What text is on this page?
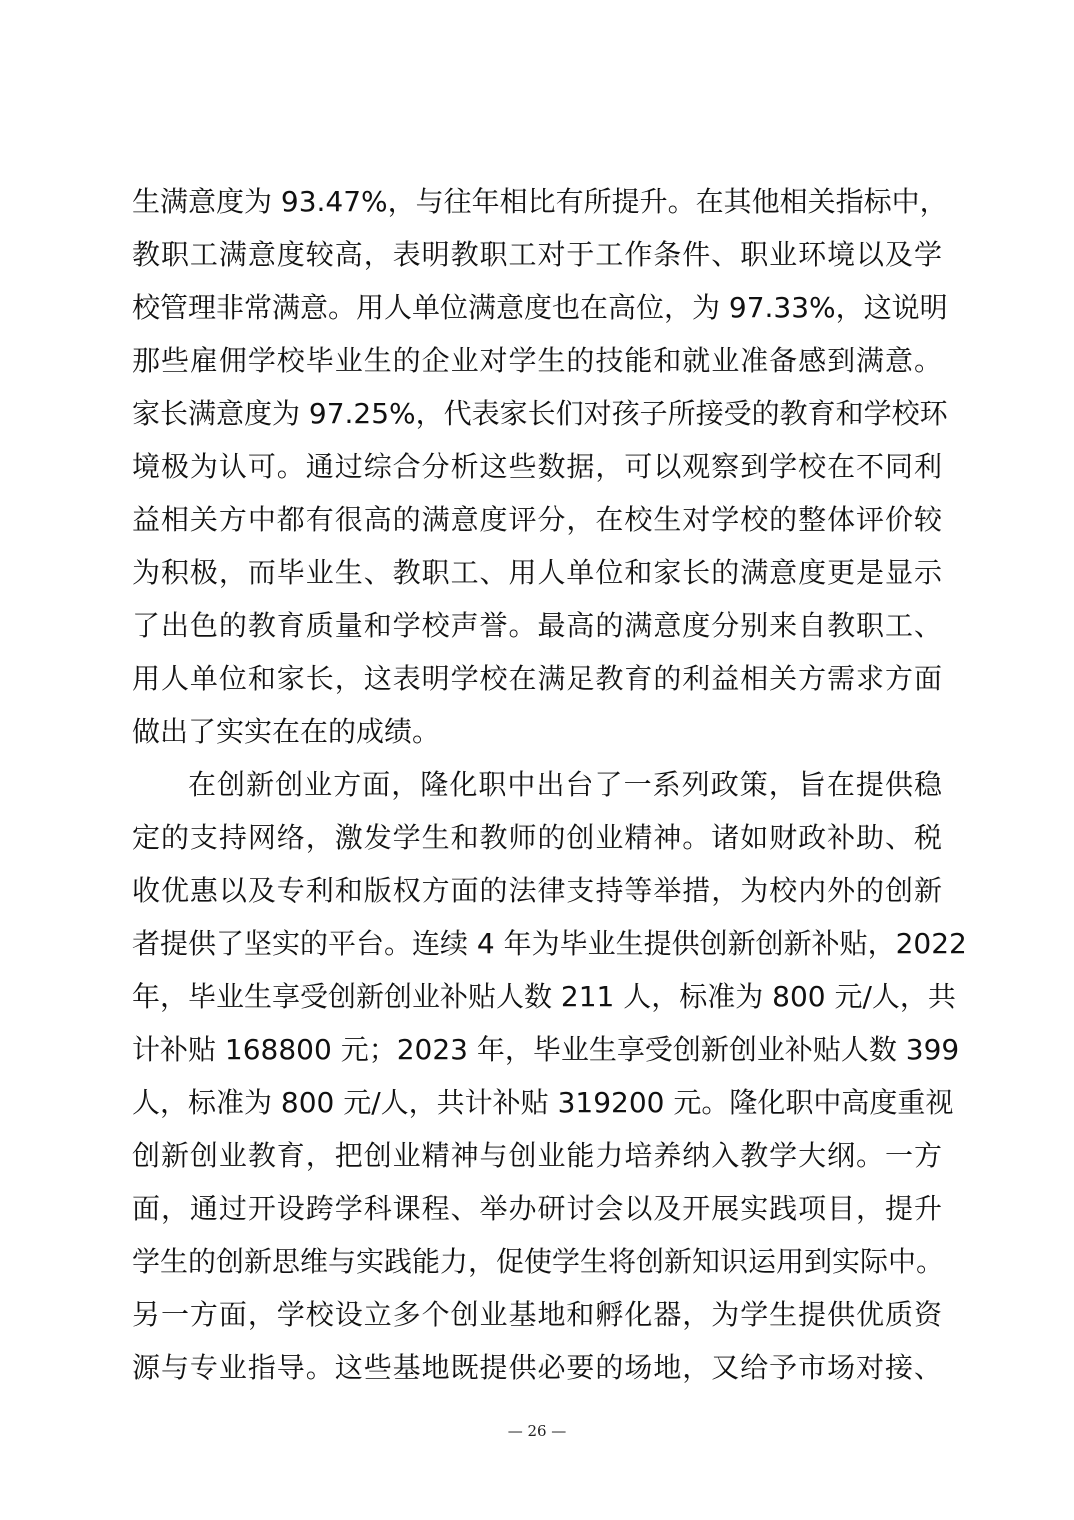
生满意度为 93.47%，与往年相比有所提升。在其他相关指标中，
教职工满意度较高，表明教职工对于工作条件、职业环境以及学
校管理非常满意。用人单位满意度也在高位，为 97.33%，这说明
那些雇佣学校毕业生的企业对学生的技能和就业准备感到满意。
家长满意度为 97.25%，代表家长们对孩子所接受的教育和学校环
境极为认可。通过综合分析这些数据，可以观察到学校在不同利
益相关方中都有很高的满意度评分，在校生对学校的整体评价较
为积极，而毕业生、教职工、用人单位和家长的满意度更是显示
了出色的教育质量和学校声誉。最高的满意度分别来自教职工、
用人单位和家长，这表明学校在满足教育的利益相关方需求方面
做出了实实在在的成绩。
在创新创业方面，隆化职中出台了一系列政策，旨在提供稳
定的支持网络，激发学生和教师的创业精神。诸如财政补助、税
收优惠以及专利和版权方面的法律支持等举措，为校内外的创新
者提供了坚实的平台。连续 4 年为毕业生提供创新创新补贴，2022
年，毕业生享受创新创业补贴人数 211 人，标准为 800 元/人，共
计补贴 168800 元；2023 年，毕业生享受创新创业补贴人数 399
人，标准为 800 元/人，共计补贴 319200 元。隆化职中高度重视
创新创业教育，把创业精神与创业能力培养纳入教学大纲。一方
面，通过开设跨学科课程、举办研讨会以及开展实践项目，提升
学生的创新思维与实践能力，促使学生将创新知识运用到实际中。
另一方面，学校设立多个创业基地和孵化器，为学生提供优质资
源与专业指导。这些基地既提供必要的场地，又给予市场对接、
— 26 —
